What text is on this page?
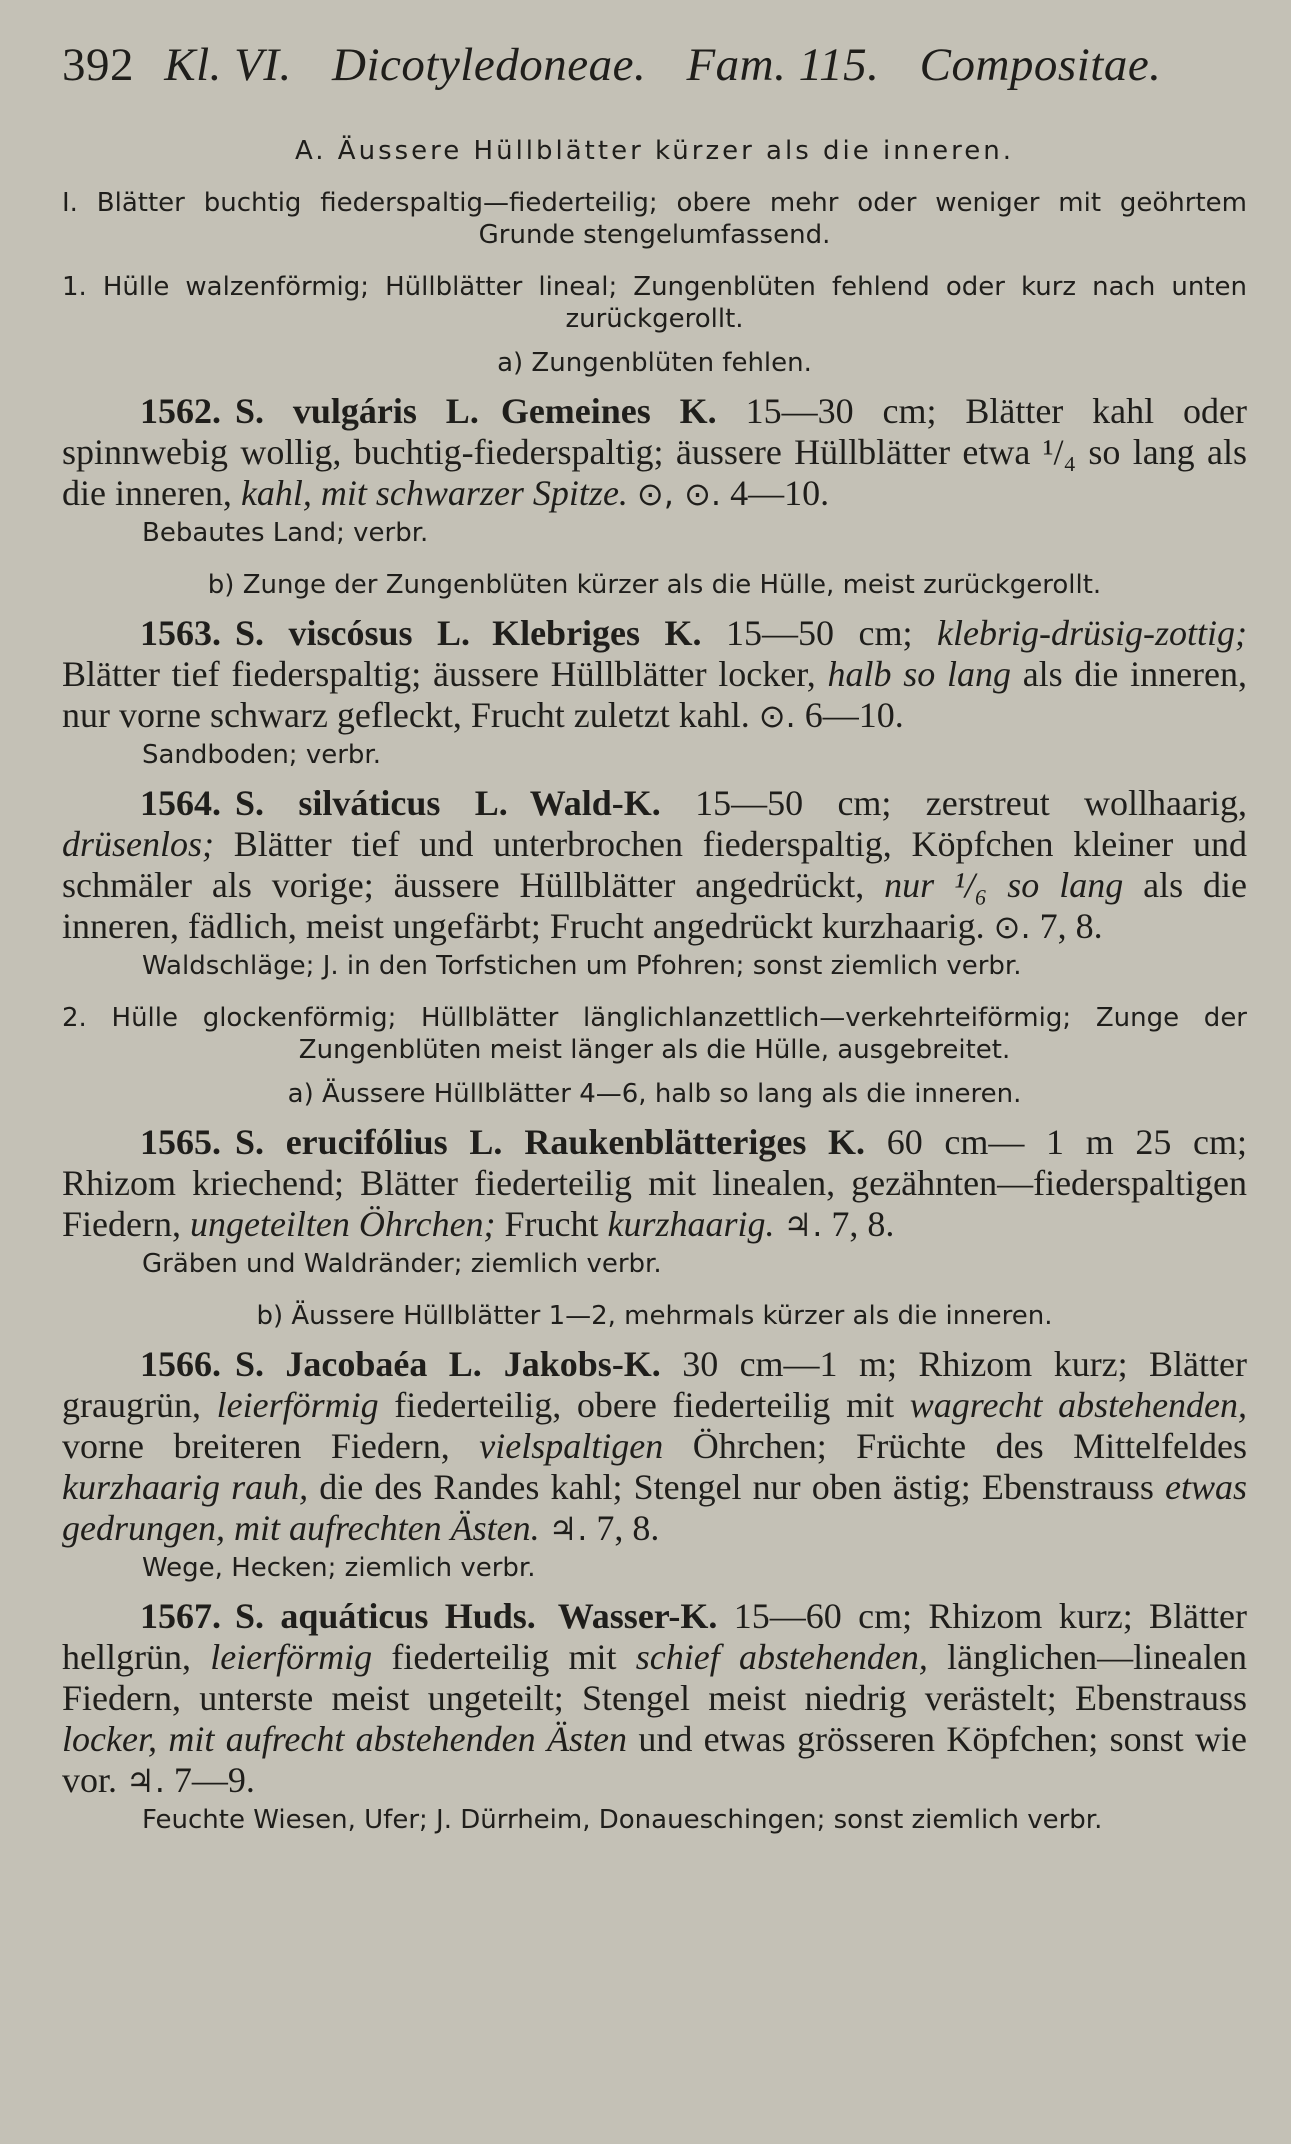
392 Kl. VI. Dicotyledoneae. Fam. 115. Compositae.

A. Äussere Hüllblätter kürzer als die inneren.

I. Blätter buchtig fiederspaltig—fiederteilig; obere mehr oder weniger mit geöhrtem Grunde stengelumfassend.

1. Hülle walzenförmig; Hüllblätter lineal; Zungenblüten fehlend oder kurz nach unten zurückgerollt.

a) Zungenblüten fehlen.

1562. S. vulgáris L. Gemeines K. 15—30 cm; Blätter kahl oder spinnwebig wollig, buchtig-fiederspaltig; äussere Hüllblätter etwa ¹/₄ so lang als die inneren, kahl, mit schwarzer Spitze. ⊙, ⊙. 4—10.

Bebautes Land; verbr.

b) Zunge der Zungenblüten kürzer als die Hülle, meist zurückgerollt.

1563. S. viscósus L. Klebriges K. 15—50 cm; klebrig-drüsig-zottig; Blätter tief fiederspaltig; äussere Hüllblätter locker, halb so lang als die inneren, nur vorne schwarz gefleckt, Frucht zuletzt kahl. ⊙. 6—10.

Sandboden; verbr.

1564. S. silváticus L. Wald-K. 15—50 cm; zerstreut wollhaarig, drüsenlos; Blätter tief und unterbrochen fiederspaltig, Köpfchen kleiner und schmäler als vorige; äussere Hüllblätter angedrückt, nur ¹/₆ so lang als die inneren, fädlich, meist ungefärbt; Frucht angedrückt kurzhaarig. ⊙. 7, 8.

Waldschläge; J. in den Torfstichen um Pfohren; sonst ziemlich verbr.

2. Hülle glockenförmig; Hüllblätter länglichlanzettlich—verkehrteiförmig; Zunge der Zungenblüten meist länger als die Hülle, ausgebreitet.

a) Äussere Hüllblätter 4—6, halb so lang als die inneren.

1565. S. erucifólius L. Raukenblätteriges K. 60 cm— 1 m 25 cm; Rhizom kriechend; Blätter fiederteilig mit linealen, gezähnten—fiederspaltigen Fiedern, ungeteilten Öhrchen; Frucht kurzhaarig. ♃. 7, 8.

Gräben und Waldränder; ziemlich verbr.

b) Äussere Hüllblätter 1—2, mehrmals kürzer als die inneren.

1566. S. Jacobaéa L. Jakobs-K. 30 cm—1 m; Rhizom kurz; Blätter graugrün, leierförmig fiederteilig, obere fiederteilig mit wagrecht abstehenden, vorne breiteren Fiedern, vielspaltigen Öhrchen; Früchte des Mittelfeldes kurzhaarig rauh, die des Randes kahl; Stengel nur oben ästig; Ebenstrauss etwas gedrungen, mit aufrechten Ästen. ♃. 7, 8.

Wege, Hecken; ziemlich verbr.

1567. S. aquáticus Huds. Wasser-K. 15—60 cm; Rhizom kurz; Blätter hellgrün, leierförmig fiederteilig mit schief abstehenden, länglichen—linealen Fiedern, unterste meist ungeteilt; Stengel meist niedrig verästelt; Ebenstrauss locker, mit aufrecht abstehenden Ästen und etwas grösseren Köpfchen; sonst wie vor. ♃. 7—9.

Feuchte Wiesen, Ufer; J. Dürrheim, Donaueschingen; sonst ziemlich verbr.
